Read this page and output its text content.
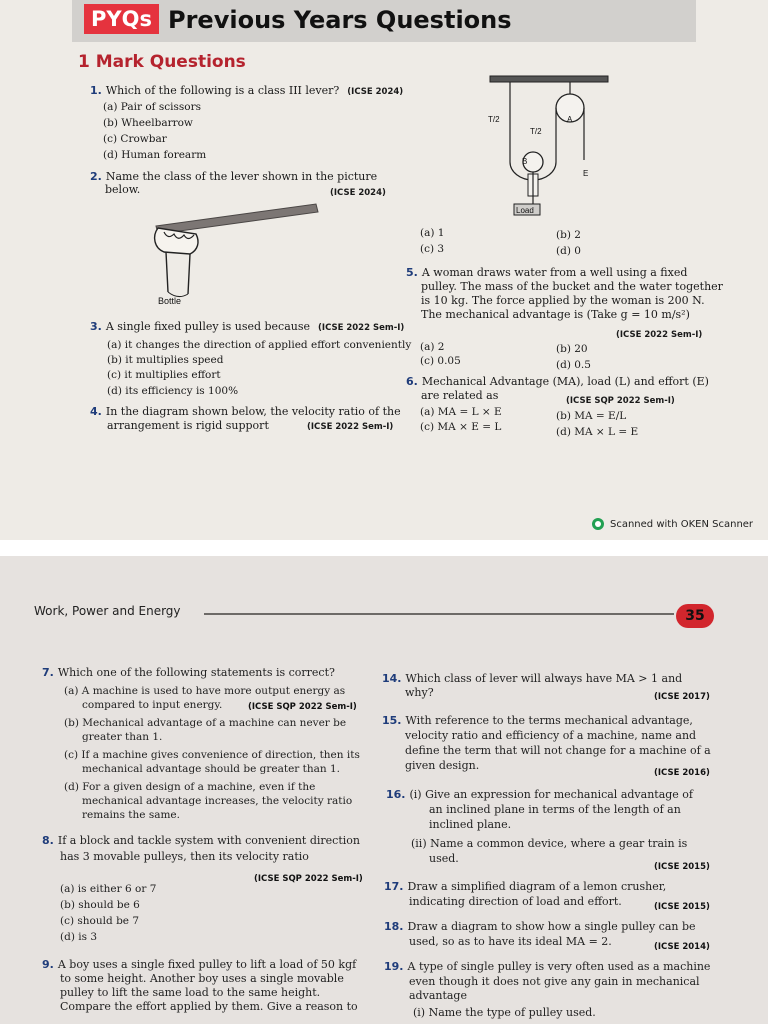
PYQs Previous Years Questions
1 Mark Questions
1. Which of the following is a class III lever? (ICSE 2024)
(a) Pair of scissors
(b) Wheelbarrow
(c) Crowbar
(d) Human forearm
2. Name the class of the lever shown in the picture
below.	(ICSE 2024)
Bottle
3. A single fixed pulley is used because (ICSE 2022 Sem-I)
(a) it changes the direction of applied effort conveniently
(b) it multiplies speed
(c) it multiplies effort
(d) its efficiency is 100%
4. In the diagram shown below, the velocity ratio of the
arrangement is rigid support	(ICSE 2022 Sem-I)
T/2
T/2
A
B
E
Load
(a) 1	(b) 2
(c) 3	(d) 0
5. A woman draws water from a well using a fixed
pulley. The mass of the bucket and the water together
is 10 kg. The force applied by the woman is 200 N.
The mechanical advantage is (Take g = 10 m/s²)
(ICSE 2022 Sem-I)
(a) 2	(b) 20
(c) 0.05	(d) 0.5
6. Mechanical Advantage (MA), load (L) and effort (E)
are related as	(ICSE SQP 2022 Sem-I)
(a) MA = L × E	(b) MA = E/L
(c) MA × E = L	(d) MA × L = E
Scanned with OKEN Scanner
Work, Power and Energy	35
7. Which one of the following statements is correct?
(a) A machine is used to have more output energy as
compared to input energy.	(ICSE SQP 2022 Sem-I)
(b) Mechanical advantage of a machine can never be
greater than 1.
(c) If a machine gives convenience of direction, then its
mechanical advantage should be greater than 1.
(d) For a given design of a machine, even if the
mechanical advantage increases, the velocity ratio
remains the same.
8. If a block and tackle system with convenient direction
has 3 movable pulleys, then its velocity ratio
(ICSE SQP 2022 Sem-I)
(a) is either 6 or 7
(b) should be 6
(c) should be 7
(d) is 3
9. A boy uses a single fixed pulley to lift a load of 50 kgf
to some height. Another boy uses a single movable
pulley to lift the same load to the same height.
Compare the effort applied by them. Give a reason to
14. Which class of lever will always have MA > 1 and
why?	(ICSE 2017)
15. With reference to the terms mechanical advantage,
velocity ratio and efficiency of a machine, name and
define the term that will not change for a machine of a
given design.
(ICSE 2016)
16. (i) Give an expression for mechanical advantage of
an inclined plane in terms of the length of an
inclined plane.
(ii) Name a common device, where a gear train is
used.
(ICSE 2015)
17. Draw a simplified diagram of a lemon crusher,
indicating direction of load and effort.	(ICSE 2015)
18. Draw a diagram to show how a single pulley can be
used, so as to have its ideal MA = 2.	(ICSE 2014)
19. A type of single pulley is very often used as a machine
even though it does not give any gain in mechanical
advantage
(i) Name the type of pulley used.
